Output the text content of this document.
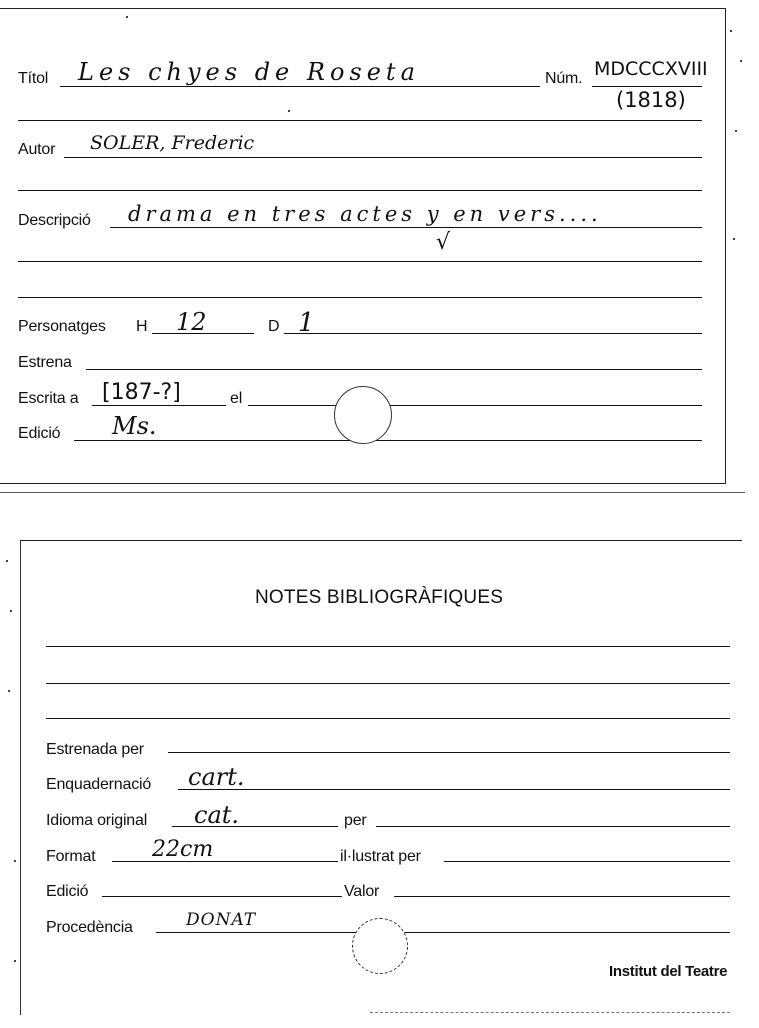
Títol Les chyes de Roseta	Núm. MDCCCXVIII
(1818)
Autor SOLER, Frederic
Descripció drama en tres actes y en vers....
√
Personatges H 12	D 1
Estrena
Escrita a [187-?]	el
Edició Ms.
NOTES BIBLIOGRÀFIQUES
Estrenada per
Enquadernació cart.
Idioma original cat.	per
Format	22cm	il·lustrat per
Edició	Valor
Procedència	DONAT
Institut del Teatre
